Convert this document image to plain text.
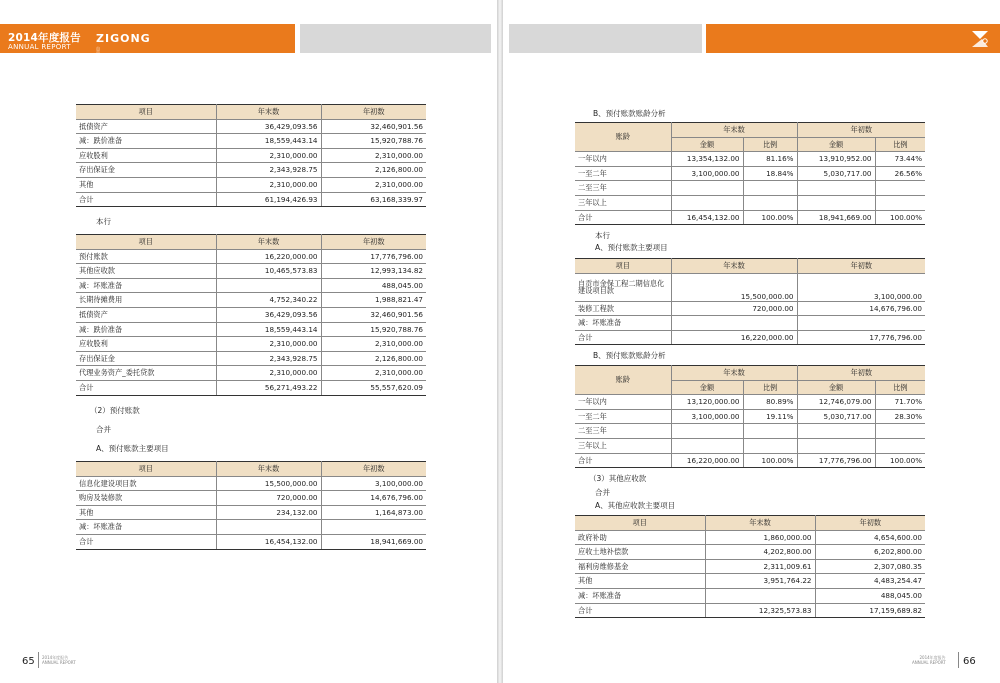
2014年度报告
ANNUAL REPORT
ZIGONG
自贡市国有资产投资经营有限公
项目	年末数	年初数
抵债资产	36,429,093.56	32,460,901.56
减：跌价准备	18,559,443.14	15,920,788.76
应收股利	2,310,000.00	2,310,000.00
存出保证金	2,343,928.75	2,126,800.00
其他	2,310,000.00	2,310,000.00
合计	61,194,426.93	63,168,339.97
本行
项目	年末数	年初数
预付账款	16,220,000.00	17,776,796.00
其他应收款	10,465,573.83	12,993,134.82
减：坏账准备		488,045.00
长期待摊费用	4,752,340.22	1,988,821.47
抵债资产	36,429,093.56	32,460,901.56
减：跌价准备	18,559,443.14	15,920,788.76
应收股利	2,310,000.00	2,310,000.00
存出保证金	2,343,928.75	2,126,800.00
代理业务资产_委托贷款	2,310,000.00	2,310,000.00
合计	56,271,493.22	55,557,620.09
（2）预付账款
合并
A、预付账款主要项目
项目	年末数	年初数
信息化建设项目款	15,500,000.00	3,100,000.00
购房及装修款	720,000.00	14,676,796.00
其他	234,132.00	1,164,873.00
减：坏账准备		
合计	16,454,132.00	18,941,669.00
65 2014年度报告
ANNUAL REPORT
B、预付账款账龄分析
账龄	年末数		年初数	
	金额	比例	金额	比例
一年以内	13,354,132.00	81.16%	13,910,952.00	73.44%
一至二年	3,100,000.00	18.84%	5,030,717.00	26.56%
二至三年				
三年以上				
合计	16,454,132.00	100.00%	18,941,669.00	100.00%
本行
A、预付账款主要项目
项目	年末数	年初数
自贡市金保工程二期信息化建设项目款	15,500,000.00	3,100,000.00
装修工程款	720,000.00	14,676,796.00
减：坏账准备		
合计	16,220,000.00	17,776,796.00
B、预付账款账龄分析
账龄	年末数		年初数	
	金额	比例	金额	比例
一年以内	13,120,000.00	80.89%	12,746,079.00	71.70%
一至二年	3,100,000.00	19.11%	5,030,717.00	28.30%
二至三年				
三年以上				
合计	16,220,000.00	100.00%	17,776,796.00	100.00%
（3）其他应收款
合并
A、其他应收款主要项目
项目	年末数	年初数
政府补助	1,860,000.00	4,654,600.00
应收土地补偿款	4,202,800.00	6,202,800.00
福利房维修基金	2,311,009.61	2,307,080.35
其他	3,951,764.22	4,483,254.47
减：坏账准备		488,045.00
合计	12,325,573.83	17,159,689.82
2014年度报告
ANNUAL REPORT 66
